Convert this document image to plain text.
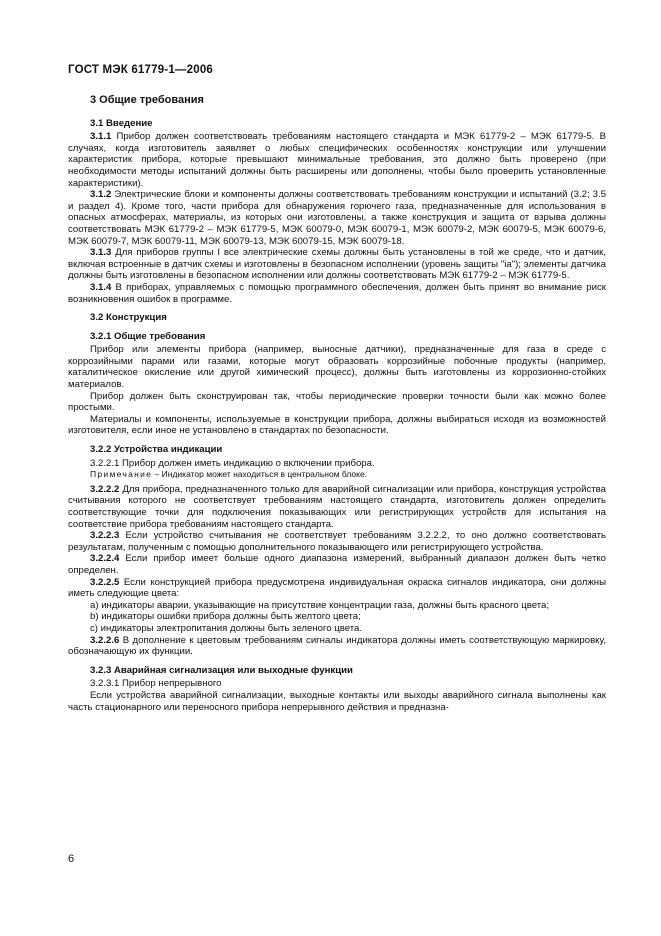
ГОСТ МЭК 61779-1—2006

3 Общие требования

3.1 Введение

3.1.1 Прибор должен соответствовать требованиям настоящего стандарта и МЭК 61779-2 – МЭК 61779-5. В случаях, когда изготовитель заявляет о любых специфических особенностях конструкции или улучшении характеристик прибора, которые превышают минимальные требования, это должно быть проверено (при необходимости методы испытаний должны быть расширены или дополнены, чтобы было проверить установленные характеристики).

3.1.2 Электрические блоки и компоненты должны соответствовать требованиям конструкции и испытаний (3.2; 3.5 и раздел 4). Кроме того, части прибора для обнаружения горючего газа, предназначенные для использования в опасных атмосферах, материалы, из которых они изготовлены, а также конструкция и защита от взрыва должны соответствовать МЭК 61779-2 – МЭК 61779-5, МЭК 60079-0, МЭК 60079-1, МЭК 60079-2, МЭК 60079-5, МЭК 60079-6, МЭК 60079-7, МЭК 60079-11, МЭК 60079-13, МЭК 60079-15, МЭК 60079-18.

3.1.3 Для приборов группы I все электрические схемы должны быть установлены в той же среде, что и датчик, включая встроенные в датчик схемы и изготовлены в безопасном исполнении (уровень защиты "ia"); элементы датчика должны быть изготовлены в безопасном исполнении или должны соответствовать МЭК 61779-2 – МЭК 61779-5.

3.1.4 В приборах, управляемых с помощью программного обеспечения, должен быть принят во внимание риск возникновения ошибок в программе.

3.2 Конструкция

3.2.1 Общие требования

Прибор или элементы прибора (например, выносные датчики), предназначенные для газа в среде с коррозийными парами или газами, которые могут образовать коррозийные побочные продукты (например, каталитическое окисление или другой химический процесс), должны быть изготовлены из коррозионно-стойких материалов.

Прибор должен быть сконструирован так, чтобы периодические проверки точности были как можно более простыми.

Материалы и компоненты, используемые в конструкции прибора, должны выбираться исходя из возможностей изготовителя, если иное не установлено в стандартах по безопасности.

3.2.2 Устройства индикации

3.2.2.1 Прибор должен иметь индикацию о включении прибора.

Примечание – Индикатор может находиться в центральном блоке.

3.2.2.2 Для прибора, предназначенного только для аварийной сигнализации или прибора, конструкция устройства считывания которого не соответствует требованиям настоящего стандарта, изготовитель должен определить соответствующие точки для подключения показывающих или регистрирующих устройств для испытания на соответствие прибора требованиям настоящего стандарта.

3.2.2.3 Если устройство считывания не соответствует требованиям 3.2.2.2, то оно должно соответствовать результатам, полученным с помощью дополнительного показывающего или регистрирующего устройства.

3.2.2.4 Если прибор имеет больше одного диапазона измерений, выбранный диапазон должен быть четко определен.

3.2.2.5 Если конструкцией прибора предусмотрена индивидуальная окраска сигналов индикатора, они должны иметь следующие цвета:

a) индикаторы аварии, указывающие на присутствие концентрации газа, должны быть красного цвета;

b) индикаторы ошибки прибора должны быть желтого цвета;

c) индикаторы электропитания должны быть зеленого цвета.

3.2.2.6 В дополнение к цветовым требованиям сигналы индикатора должны иметь соответствующую маркировку, обозначающую их функции.

3.2.3 Аварийная сигнализация или выходные функции

3.2.3.1 Прибор непрерывного

Если устройства аварийной сигнализации, выходные контакты или выходы аварийного сигнала выполнены как часть стационарного или переносного прибора непрерывного действия и предназна-

6
